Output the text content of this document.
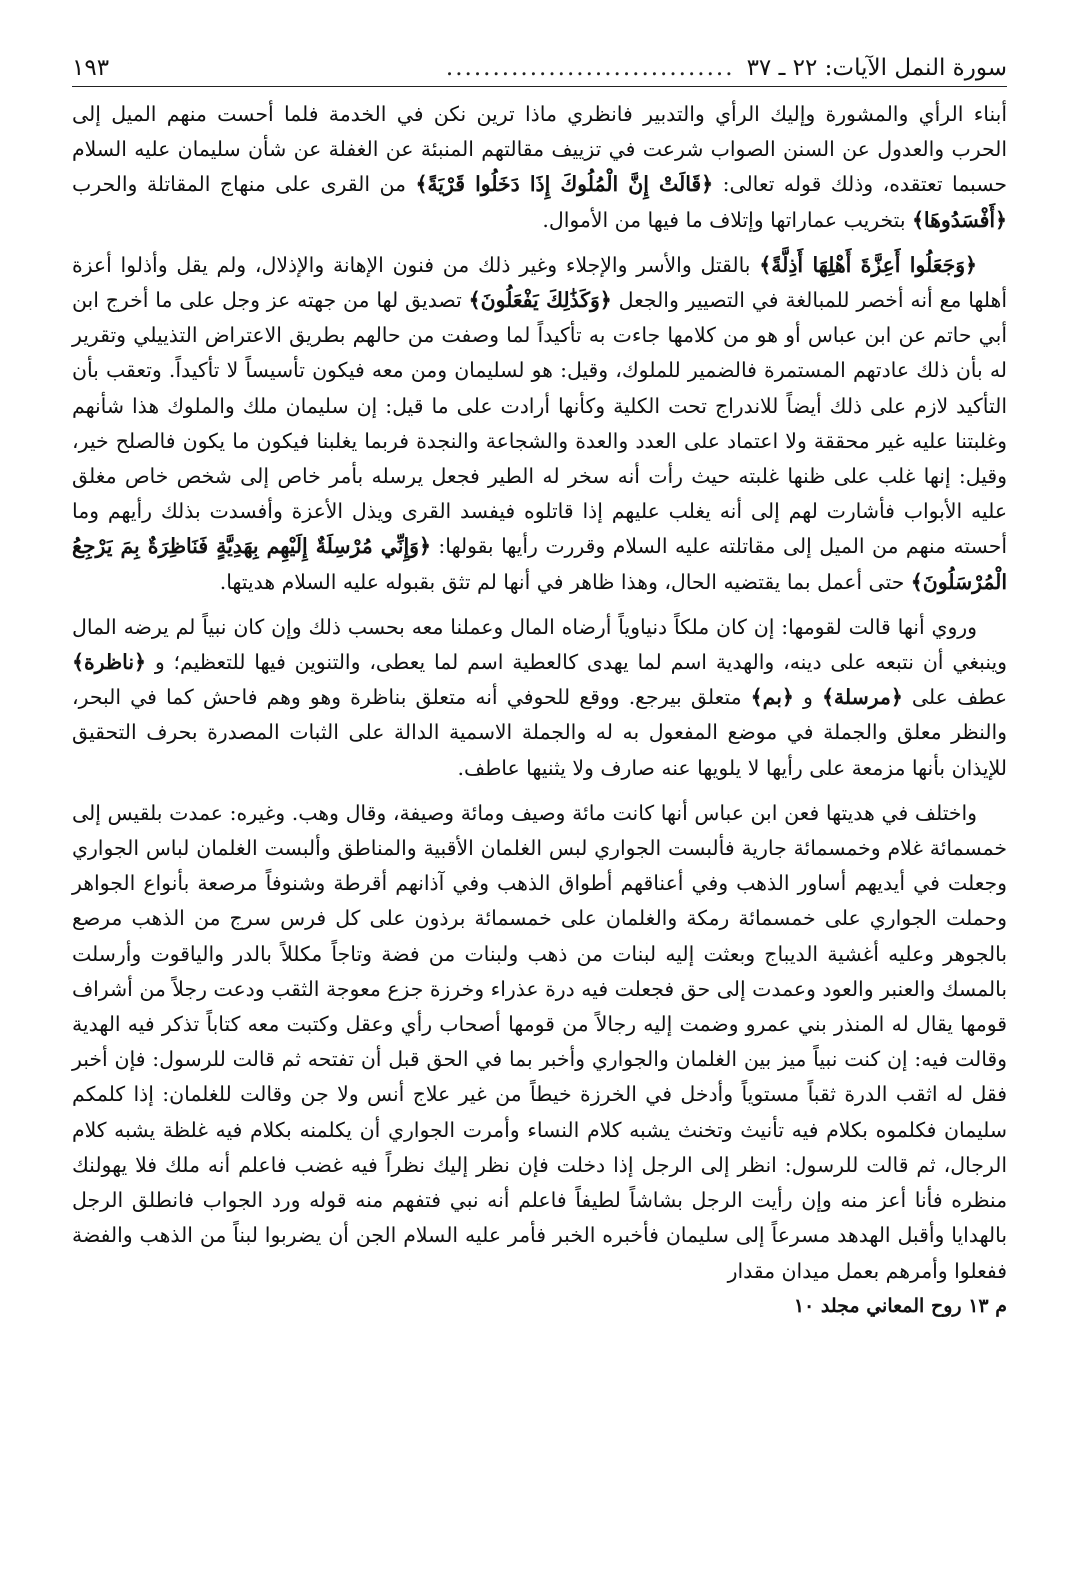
سورة النمل الآيات: ٢٢ ـ ٣٧
...............................
١٩٣

أبناء الرأي والمشورة وإليك الرأي والتدبير فانظري ماذا ترين نكن في الخدمة فلما أحست منهم الميل إلى الحرب والعدول عن السنن الصواب شرعت في تزييف مقالتهم المنبئة عن الغفلة عن شأن سليمان عليه السلام حسبما تعتقده، وذلك قوله تعالى: ﴿قَالَتْ إِنَّ الْمُلُوكَ إِذَا دَخَلُوا قَرْيَةً﴾ من القرى على منهاج المقاتلة والحرب ﴿أَفْسَدُوهَا﴾ بتخريب عماراتها وإتلاف ما فيها من الأموال.

﴿وَجَعَلُوا أَعِزَّةَ أَهْلِهَا أَذِلَّةً﴾ بالقتل والأسر والإجلاء وغير ذلك من فنون الإهانة والإذلال، ولم يقل وأذلوا أعزة أهلها مع أنه أخصر للمبالغة في التصيير والجعل ﴿وَكَذَٰلِكَ يَفْعَلُونَ﴾ تصديق لها من جهته عز وجل على ما أخرج ابن أبي حاتم عن ابن عباس أو هو من كلامها جاءت به تأكيداً لما وصفت من حالهم بطريق الاعتراض التذييلي وتقرير له بأن ذلك عادتهم المستمرة فالضمير للملوك، وقيل: هو لسليمان ومن معه فيكون تأسيساً لا تأكيداً. وتعقب بأن التأكيد لازم على ذلك أيضاً للاندراج تحت الكلية وكأنها أرادت على ما قيل: إن سليمان ملك والملوك هذا شأنهم وغلبتنا عليه غير محققة ولا اعتماد على العدد والعدة والشجاعة والنجدة فربما يغلبنا فيكون ما يكون فالصلح خير، وقيل: إنها غلب على ظنها غلبته حيث رأت أنه سخر له الطير فجعل يرسله بأمر خاص إلى شخص خاص مغلق عليه الأبواب فأشارت لهم إلى أنه يغلب عليهم إذا قاتلوه فيفسد القرى ويذل الأعزة وأفسدت بذلك رأيهم وما أحسته منهم من الميل إلى مقاتلته عليه السلام وقررت رأيها بقولها: ﴿وَإِنِّي مُرْسِلَةٌ إِلَيْهِم بِهَدِيَّةٍ فَنَاظِرَةٌ بِمَ يَرْجِعُ الْمُرْسَلُونَ﴾ حتى أعمل بما يقتضيه الحال، وهذا ظاهر في أنها لم تثق بقبوله عليه السلام هديتها.

وروي أنها قالت لقومها: إن كان ملكاً دنياوياً أرضاه المال وعملنا معه بحسب ذلك وإن كان نبياً لم يرضه المال وينبغي أن نتبعه على دينه، والهدية اسم لما يهدى كالعطية اسم لما يعطى، والتنوين فيها للتعظيم؛ و ﴿ناظرة﴾ عطف على ﴿مرسلة﴾ و ﴿بم﴾ متعلق بيرجع. ووقع للحوفي أنه متعلق بناظرة وهو وهم فاحش كما في البحر، والنظر معلق والجملة في موضع المفعول به له والجملة الاسمية الدالة على الثبات المصدرة بحرف التحقيق للإيذان بأنها مزمعة على رأيها لا يلويها عنه صارف ولا يثنيها عاطف.

واختلف في هديتها فعن ابن عباس أنها كانت مائة وصيف ومائة وصيفة، وقال وهب. وغيره: عمدت بلقيس إلى خمسمائة غلام وخمسمائة جارية فألبست الجواري لبس الغلمان الأقبية والمناطق وألبست الغلمان لباس الجواري وجعلت في أيديهم أساور الذهب وفي أعناقهم أطواق الذهب وفي آذانهم أقرطة وشنوفاً مرصعة بأنواع الجواهر وحملت الجواري على خمسمائة رمكة والغلمان على خمسمائة برذون على كل فرس سرج من الذهب مرصع بالجوهر وعليه أغشية الديباج وبعثت إليه لبنات من ذهب ولبنات من فضة وتاجاً مكللاً بالدر والياقوت وأرسلت بالمسك والعنبر والعود وعمدت إلى حق فجعلت فيه درة عذراء وخرزة جزع معوجة الثقب ودعت رجلاً من أشراف قومها يقال له المنذر بني عمرو وضمت إليه رجالاً من قومها أصحاب رأي وعقل وكتبت معه كتاباً تذكر فيه الهدية وقالت فيه: إن كنت نبياً ميز بين الغلمان والجواري وأخبر بما في الحق قبل أن تفتحه ثم قالت للرسول: فإن أخبر فقل له اثقب الدرة ثقباً مستوياً وأدخل في الخرزة خيطاً من غير علاج أنس ولا جن وقالت للغلمان: إذا كلمكم سليمان فكلموه بكلام فيه تأنيث وتخنث يشبه كلام النساء وأمرت الجواري أن يكلمنه بكلام فيه غلظة يشبه كلام الرجال، ثم قالت للرسول: انظر إلى الرجل إذا دخلت فإن نظر إليك نظراً فيه غضب فاعلم أنه ملك فلا يهولنك منظره فأنا أعز منه وإن رأيت الرجل بشاشاً لطيفاً فاعلم أنه نبي فتفهم منه قوله ورد الجواب فانطلق الرجل بالهدايا وأقبل الهدهد مسرعاً إلى سليمان فأخبره الخبر فأمر عليه السلام الجن أن يضربوا لبناً من الذهب والفضة ففعلوا وأمرهم بعمل ميدان مقدار

م ١٣ روح المعاني مجلد ١٠
